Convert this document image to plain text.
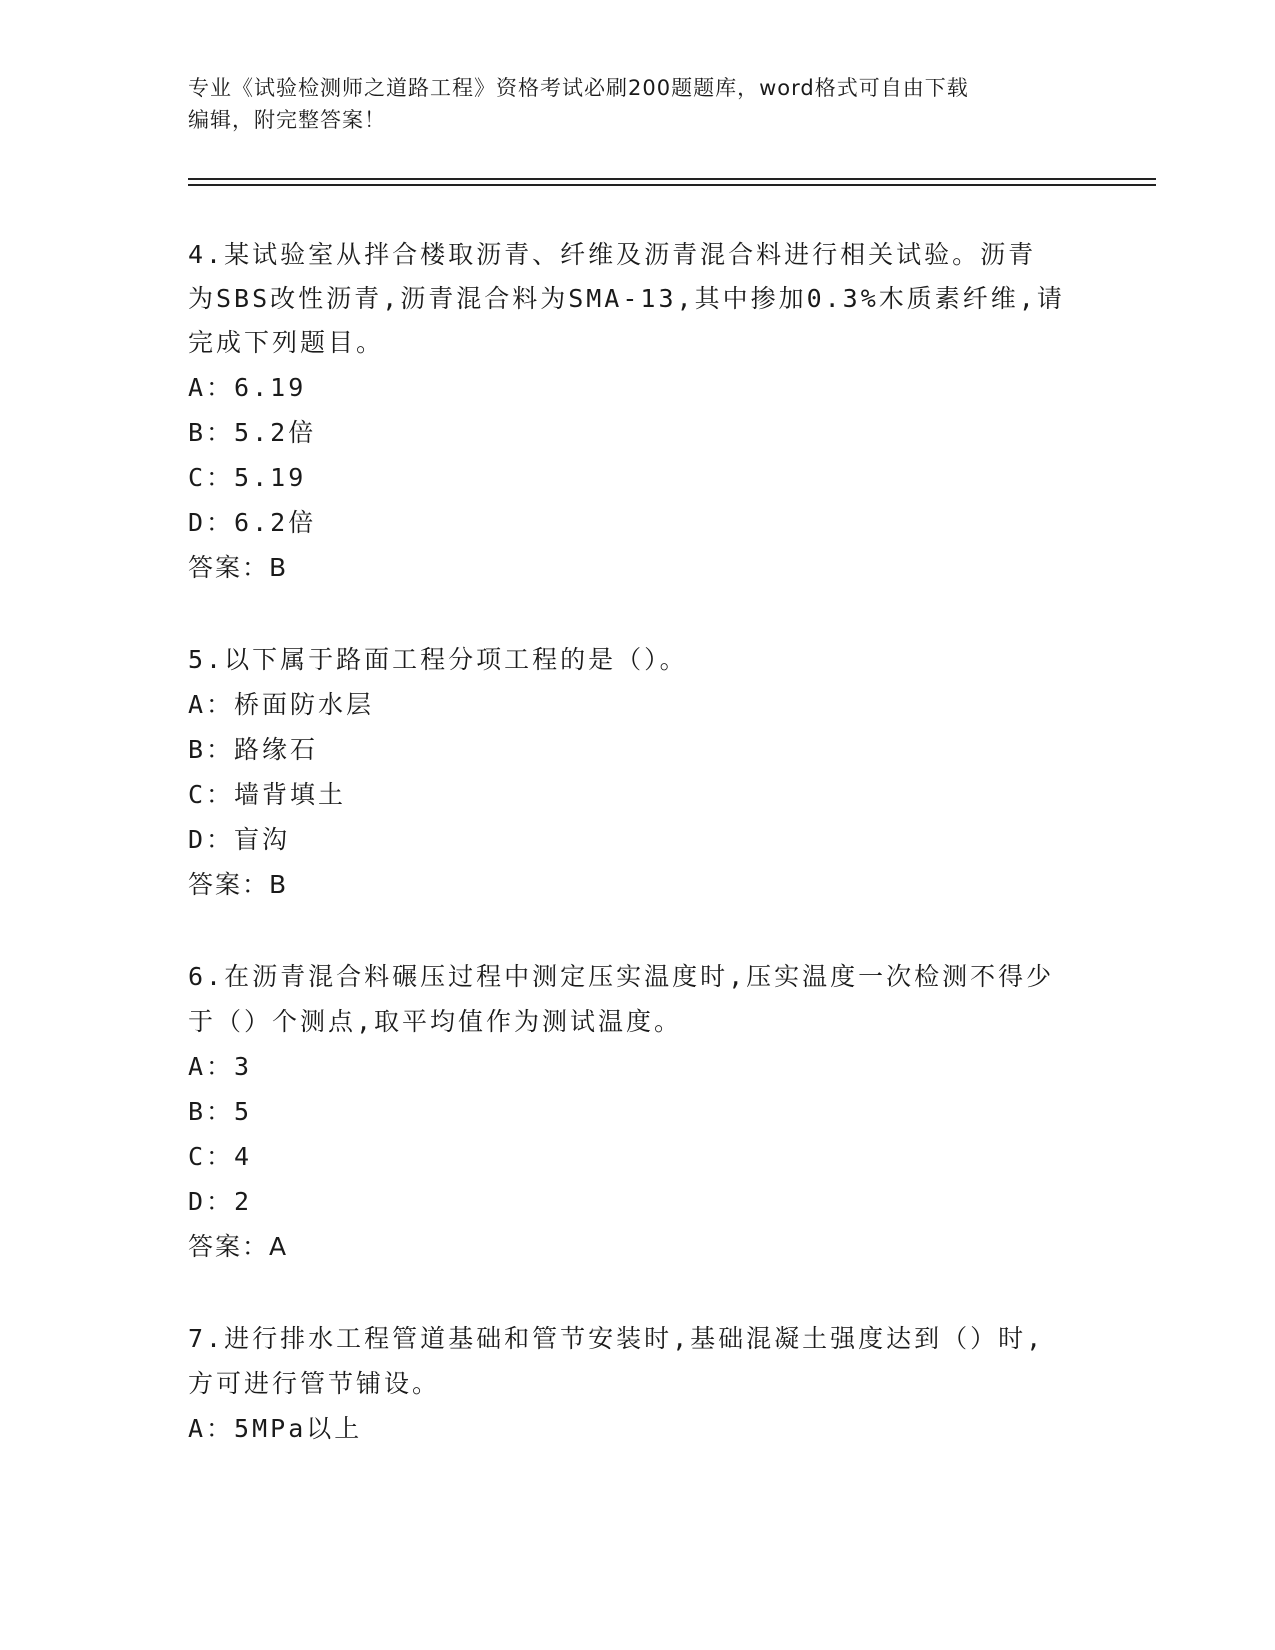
专业《试验检测师之道路工程》资格考试必刷200题题库，word格式可自由下载
编辑，附完整答案！
4.某试验室从拌合楼取沥青、纤维及沥青混合料进行相关试验。沥青
为SBS改性沥青,沥青混合料为SMA-13,其中掺加0.3%木质素纤维,请
完成下列题目。
A：6.19
B：5.2倍
C：5.19
D：6.2倍
答案：B
5.以下属于路面工程分项工程的是（）。
A：桥面防水层
B：路缘石
C：墙背填土
D：盲沟
答案：B
6.在沥青混合料碾压过程中测定压实温度时,压实温度一次检测不得少
于（）个测点,取平均值作为测试温度。
A：3
B：5
C：4
D：2
答案：A
7.进行排水工程管道基础和管节安装时,基础混凝土强度达到（）时,
方可进行管节铺设。
A：5MPa以上
